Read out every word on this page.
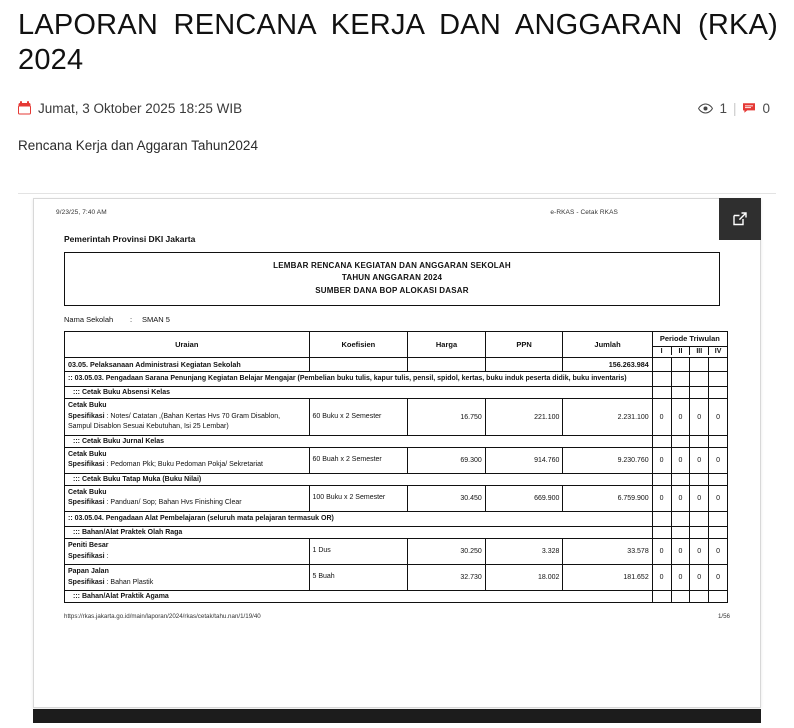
LAPORAN RENCANA KERJA DAN ANGGARAN (RKA) 2024
Jumat, 3 Oktober 2025 18:25 WIB	1 | 0
Rencana Kerja dan Aggaran Tahun2024
9/23/25, 7:40 AM	e-RKAS - Cetak RKAS
Pemerintah Provinsi DKI Jakarta
LEMBAR RENCANA KEGIATAN DAN ANGGARAN SEKOLAH
TAHUN ANGGARAN 2024
SUMBER DANA BOP ALOKASI DASAR
Nama Sekolah	:	SMAN 5
Uraian	Koefisien	Harga	PPN	Jumlah	Periode Triwulan
I II III IV			

03.05. Pelaksanaan Administrasi Kegiatan Sekolah				156.263.984				
:: 03.05.03. Pengadaan Sarana Penunjang Kegiatan Belajar Mengajar (Pembelian buku tulis, kapur tulis, pensil, spidol, kertas, buku induk peserta didik, buku inventaris)								
::: Cetak Buku Absensi Kelas								

Cetak Buku
Spesifikasi : Notes/ Catatan ,(Bahan Kertas Hvs 70 Gram Disablon, Sampul Disablon Sesuai Kebutuhan, Isi 25 Lembar)	60 Buku x 2 Semester	16.750	221.100	2.231.100	0	0	0	0
::: Cetak Buku Jurnal Kelas								

Cetak Buku
Spesifikasi : Pedoman Pkk; Buku Pedoman Pokja/ Sekretariat	60 Buah x 2 Semester	69.300	914.760	9.230.760	0	0	0	0
::: Cetak Buku Tatap Muka (Buku Nilai)								

Cetak Buku
Spesifikasi : Panduan/ Sop; Bahan Hvs Finishing Clear	100 Buku x 2 Semester	30.450	669.900	6.759.900	0	0	0	0
:: 03.05.04. Pengadaan Alat Pembelajaran (seluruh mata pelajaran termasuk OR)								
::: Bahan/Alat Praktek Olah Raga								

Peniti Besar
Spesifikasi :	1 Dus	30.250	3.328	33.578	0	0	0	0

Papan Jalan
Spesifikasi : Bahan Plastik	5 Buah	32.730	18.002	181.652	0	0	0	0
::: Bahan/Alat Praktik Agama								
https://rkas.jakarta.go.id/main/laporan/2024/rkas/cetak/tahu.nan/1/19/40	1/56
